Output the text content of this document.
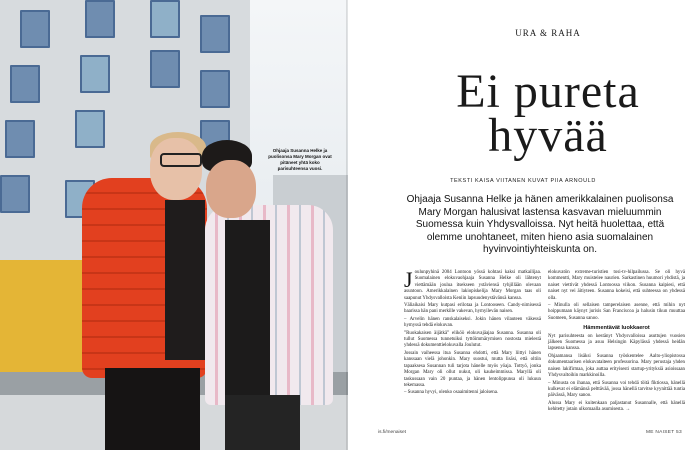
Ohjaaja Susanna Helke ja puolisonsa Mary Morgan ovat pitäneet yhtä koko parisuhteensa vuosi.
URA & RAHA
Ei pureta
hyvää
TEKSTI KAISA VIITANEN KUVAT PIIA ARNOULD
Ohjaaja Susanna Helke ja hänen amerikkalainen puolisonsa Mary Morgan halusivat lastensa kasvavan mieluummin Suomessa kuin Yhdysvalloissa. Nyt heitä huolettaa, että olemme unohtaneet, miten hieno asia suomalainen hyvinvointiyhteiskunta on.

Joulunpyhinä 2004 Lontoon yössä kohtasi kaksi matkailijaa. Suomalainen elokuvaohjaaja Susanna Helke oli lähtenyt viettämään joulua itsekseen ystäviensä tyhjillään olevaan asuntoon. Amerikkalainen lakiopiskelija Mary Morgan taas oli saapunut Yhdysvalloista Keniin lapsuudenystävänsä kanssa.

Väliaikaisi Mary kutpasi erilotaa ja Lontooseen. Candy-nimisessä baarissa hän pani merkille vakevan, hymyilevän naisen.

– Arvelin hänen ranskalaiseksi. Jokin hänen vilauteen väkessä hymyssä tehdä elokuvan.

”Ruokakaisen äijätkä” eliköö elokuvajäajaa Susanna. Susanna oli tullut Suomessa tunnetuiksi tyttöimmärymisen nostosta mielestä yhdessä dokumenttielokuvalla Joulutut.

Jossain vaiheessa itua Susanna ehdotti, että Mary liittyi hänen kanssaan vielä johonkin. Mary suostui, mutta lisäsi, että oltiin tapaaksesa Susannan tuli tarjota hänelle myös yöaja. Tottyö, jonka Morgan Mary oli ollut nukut, oli kauheimmissa. Maryllä oli taskussaan vain 20 puntaa, ja hänen lentolippunsa oli lukuun tekemassa.

– Susanna hyvyi, olenko osaaimitenni jaloisena.

elokuvatön extreme-turistien tosi-tv-hilpailussa. Se oli hyvä kommentti, Mary muistelee naurien. Sarkastinen huumori yhdistä, ja naiset viettivät yhdessä Lontoossa viikon. Susanna kaipiesi, että naiset nyt vei äitiyteen. Susanna kokeisi, että suhteessa on yhdessä olla.

– Minulla oli sellaisen tamperelaisen asenne, että mihin nyt hoippumaan käynyt jurisis San Franciscoa ja halusin tikun muuttaa Suomeen, Susanna sanoo.

Hämmentävät luokkaerot

Nyt parisuhteesta on kestänyt Yhdysvalloissa asuttujen vuosien jälkeen Suomessa ja asuu Helsingin Käpylässä yhdessä heidän lapsensa kanssa.

Ohjaamansa lisäksi Susanna työskentelee Aalto-yliopistossa dokumentaarisen elokuvataiteen professorina. Mary perustaja yhden naisen lakifirmaa, joka auttaa erityisesti startup-yrityksiä asioissaan Yhdysvaltoihin markkinoilla.

– Minusta on ihanaa, että Susanna voi tehdä töitä fiktiossa, hänellä kulkevat ei elämänsä pelttävää, jossa hänellä tarvitse kyynittää tuntia päivässä, Mary sanoo.

Alussa Mary ei kuitenkaan paljastanut Susannalle, että hänellä kehitetty jotain ulkomaalla asumisesta. →

ME NAISET 53
is.fi/menaiset
